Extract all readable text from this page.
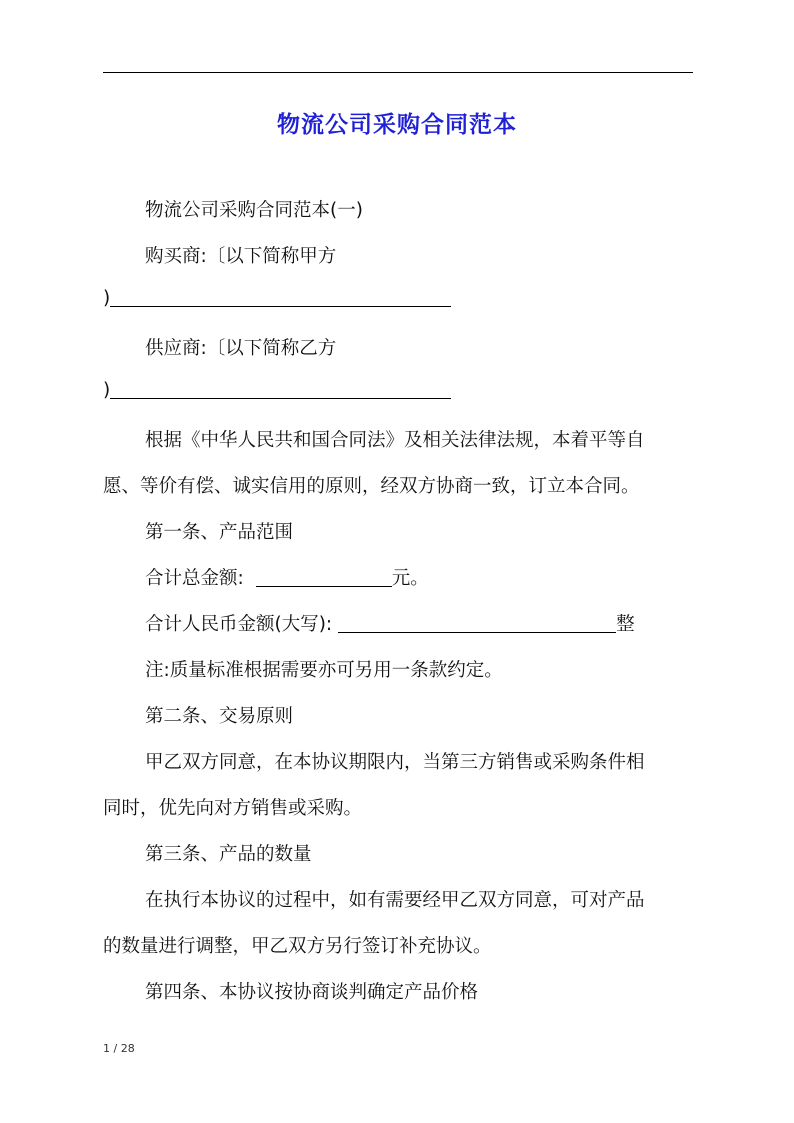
物流公司采购合同范本
物流公司采购合同范本(一)
购买商:〔以下简称甲方
)
供应商:〔以下简称乙方
)
根据《中华人民共和国合同法》及相关法律法规，本着平等自
愿、等价有偿、诚实信用的原则，经双方协商一致，订立本合同。
第一条、产品范围
合计总金额:	元。
合计人民币金额(大写):	整
注:质量标准根据需要亦可另用一条款约定。
第二条、交易原则
甲乙双方同意，在本协议期限内，当第三方销售或采购条件相
同时，优先向对方销售或采购。
第三条、产品的数量
在执行本协议的过程中，如有需要经甲乙双方同意，可对产品
的数量进行调整，甲乙双方另行签订补充协议。
第四条、本协议按协商谈判确定产品价格
1 / 28
